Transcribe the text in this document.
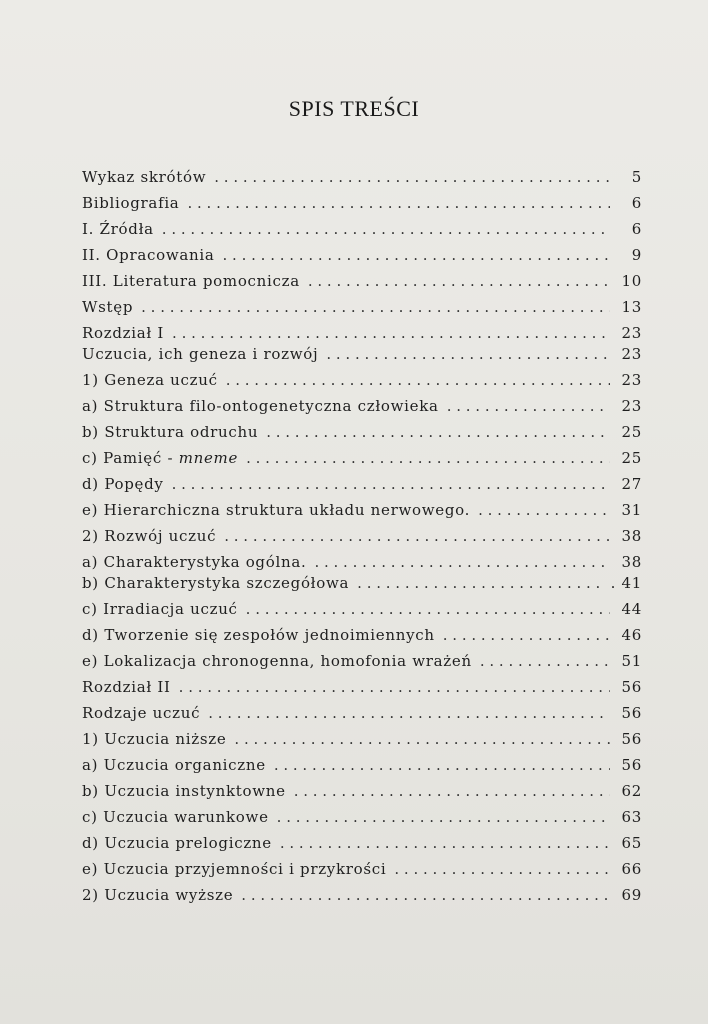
SPIS TREŚCI
Wykaz skrótów . . .	5
Bibliografia . . .	6
I. Źródła . . .	6
II. Opracowania . . .	9
III. Literatura pomocnicza . . .	10
Wstęp . . .	13
Rozdział I . . .	23
Uczucia, ich geneza i rozwój . . .	23
1) Geneza uczuć . . .	23
a) Struktura filo-ontogenetyczna człowieka . . .	23
b) Struktura odruchu . . .	25
c) Pamięć - mneme . . .	25
d) Popędy . . .	27
e) Hierarchiczna struktura układu nerwowego. . . .	31
2) Rozwój uczuć . . .	38
a) Charakterystyka ogólna. . . .	38
b) Charakterystyka szczegółowa . . .	. 41
c) Irradiacja uczuć . . .	44
d) Tworzenie się zespołów jednoimiennych . . .	46
e) Lokalizacja chronogenna, homofonia wrażeń . . .	51
Rozdział II . . .	56
Rodzaje uczuć . . .	56
1) Uczucia niższe . . .	56
a) Uczucia organiczne . . .	56
b) Uczucia instynktowne . . .	62
c) Uczucia warunkowe . . .	63
d) Uczucia prelogiczne . . .	65
e) Uczucia przyjemności i przykrości . . .	66
2) Uczucia wyższe . . .	69
